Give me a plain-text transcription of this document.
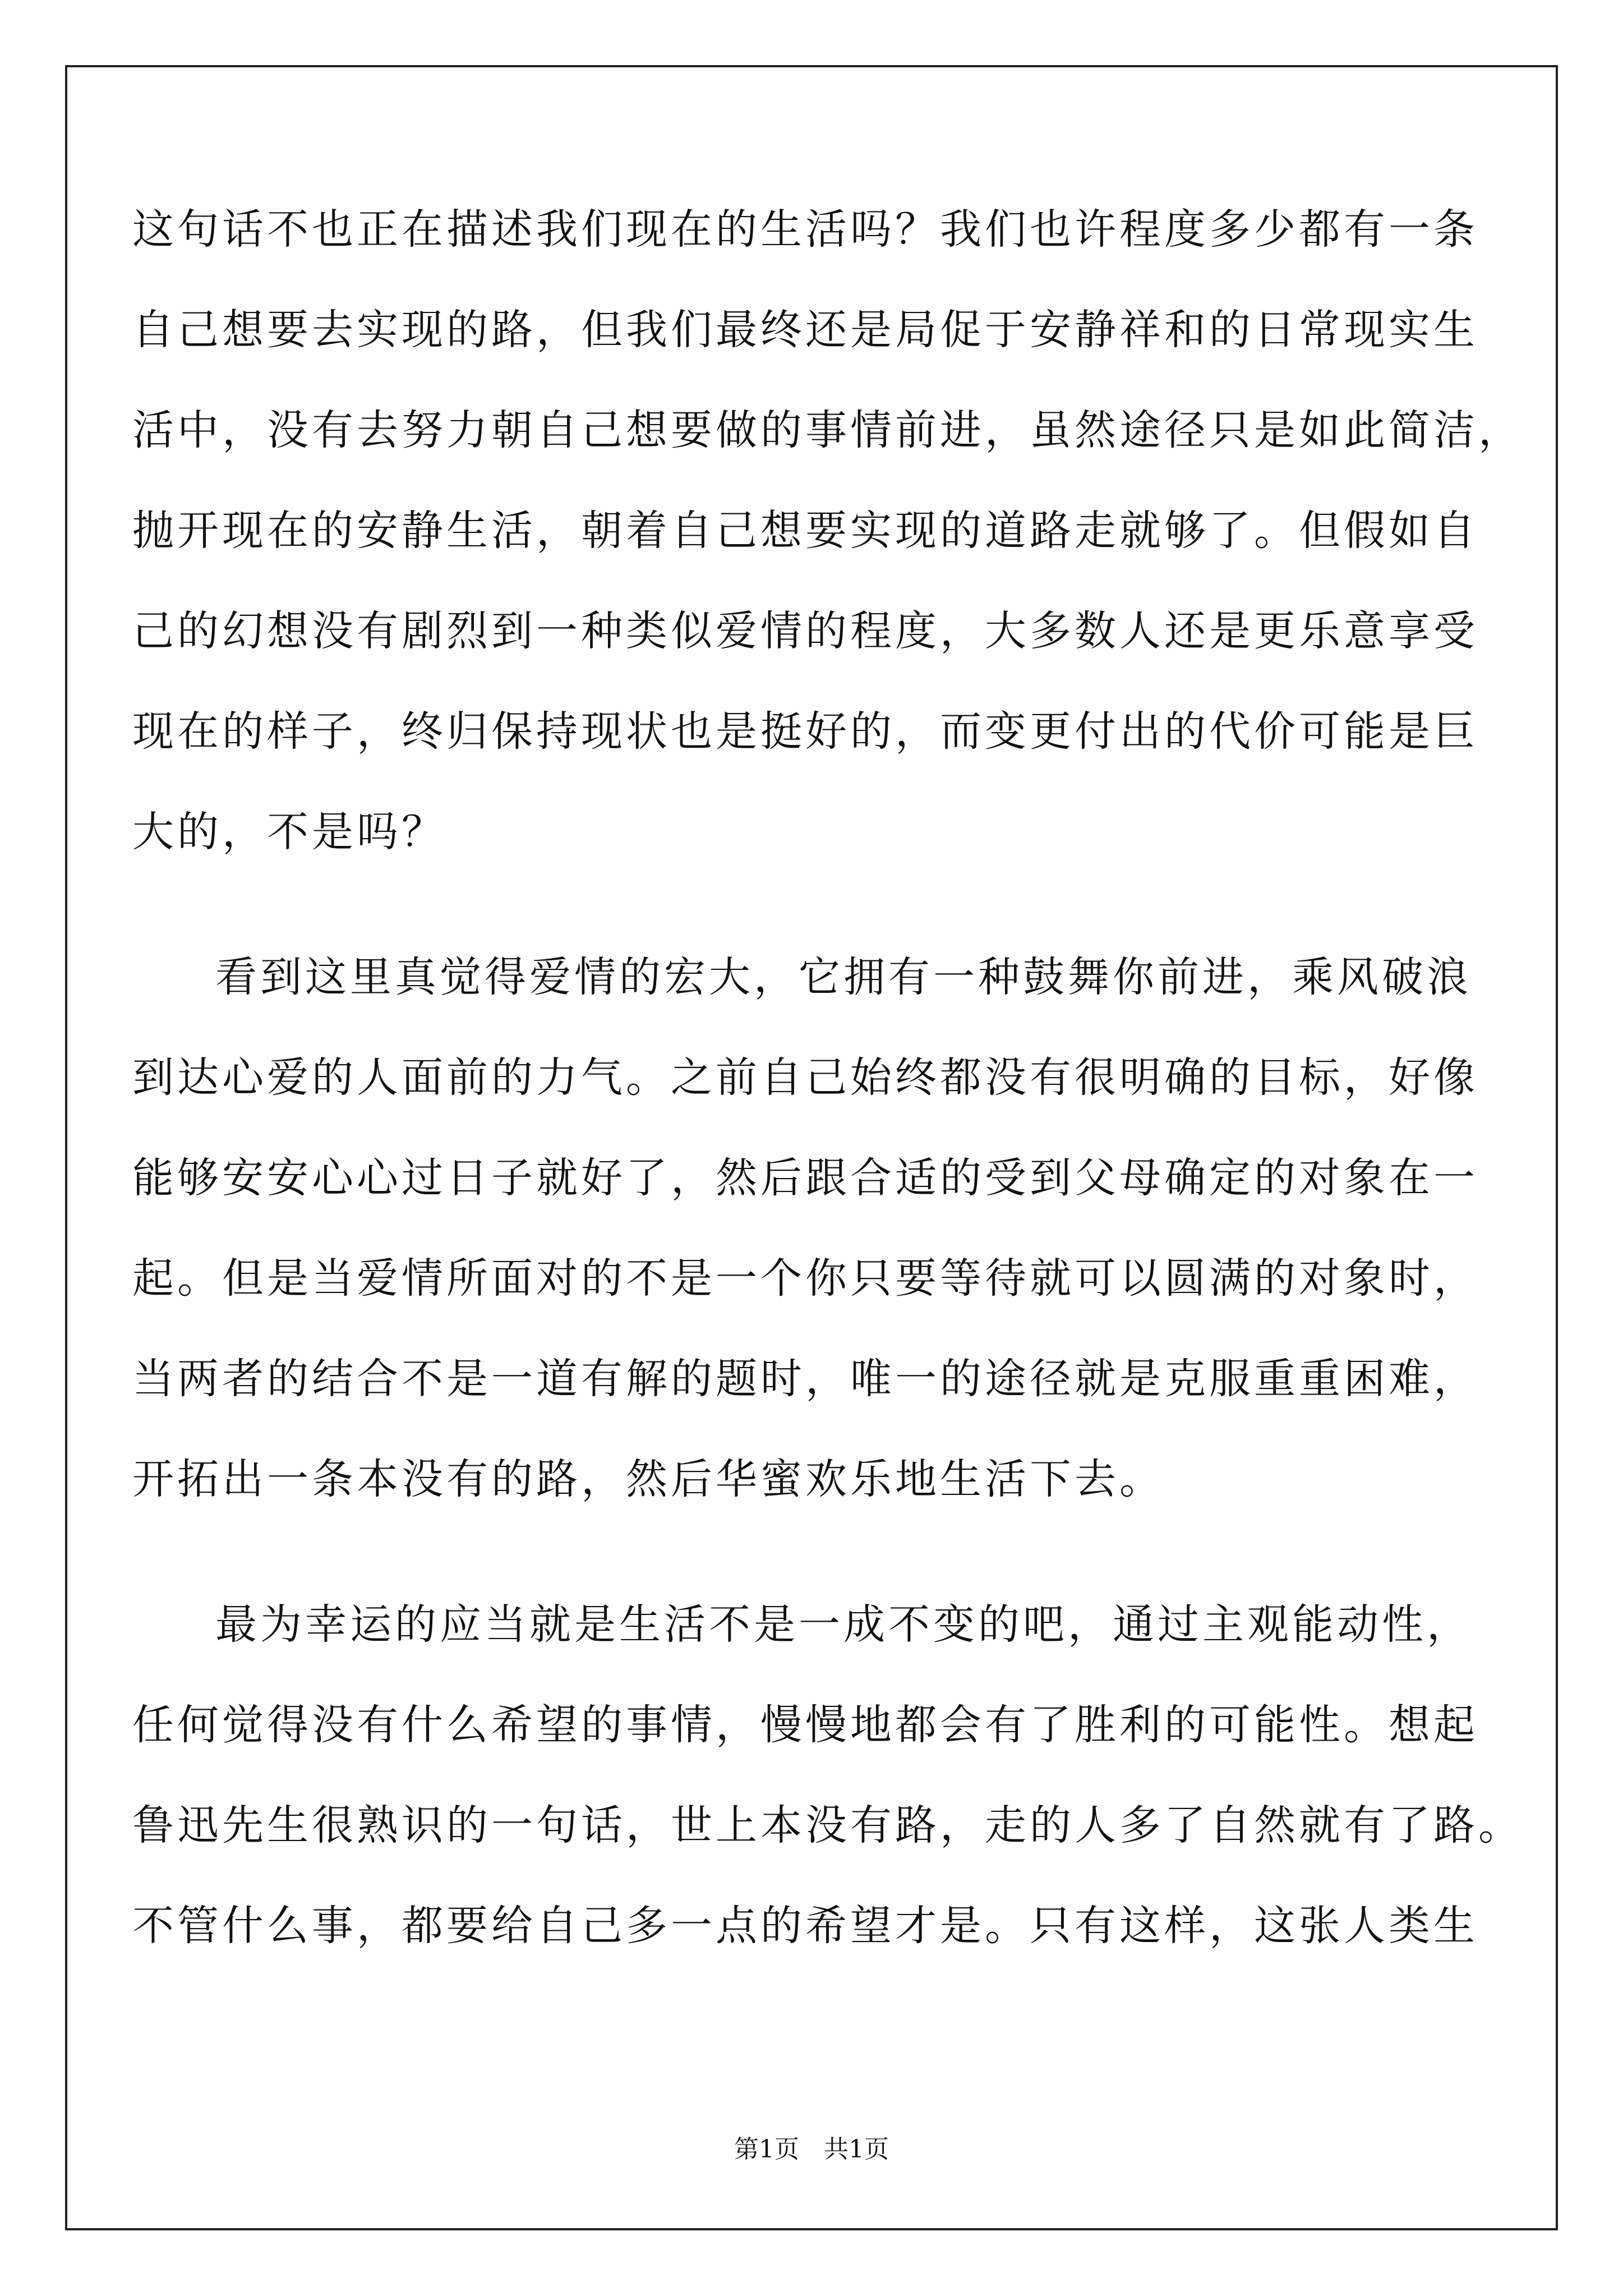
这句话不也正在描述我们现在的生活吗？我们也许程度多少都有一条
自己想要去实现的路，但我们最终还是局促于安静祥和的日常现实生
活中，没有去努力朝自己想要做的事情前进，虽然途径只是如此简洁，
抛开现在的安静生活，朝着自己想要实现的道路走就够了。但假如自
己的幻想没有剧烈到一种类似爱情的程度，大多数人还是更乐意享受
现在的样子，终归保持现状也是挺好的，而变更付出的代价可能是巨
大的，不是吗？

看到这里真觉得爱情的宏大，它拥有一种鼓舞你前进，乘风破浪
到达心爱的人面前的力气。之前自己始终都没有很明确的目标，好像
能够安安心心过日子就好了，然后跟合适的受到父母确定的对象在一
起。但是当爱情所面对的不是一个你只要等待就可以圆满的对象时，
当两者的结合不是一道有解的题时，唯一的途径就是克服重重困难，
开拓出一条本没有的路，然后华蜜欢乐地生活下去。

最为幸运的应当就是生活不是一成不变的吧，通过主观能动性，
任何觉得没有什么希望的事情，慢慢地都会有了胜利的可能性。想起
鲁迅先生很熟识的一句话，世上本没有路，走的人多了自然就有了路。
不管什么事，都要给自己多一点的希望才是。只有这样，这张人类生

第1页　共1页
